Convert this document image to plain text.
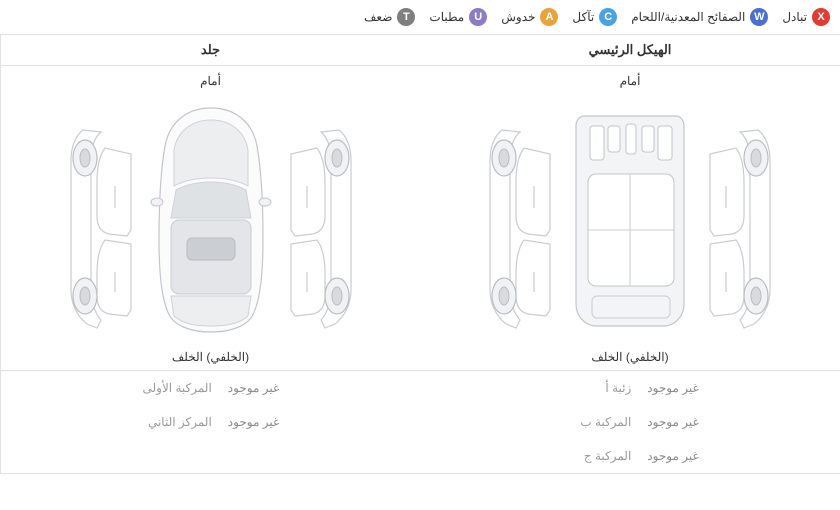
X
تبادل
W
الصفائح المعدنية/اللحام
C
تآكل
A
خدوش
U
مطبات
T
ضعف
الهيكل الرئيسي
أمام
(الخلفي) الخلف
غير موجود
زئبة أ
غير موجود
المركبة ب
غير موجود
المركبة ج
جلد
أمام
(الخلفي) الخلف
غير موجود
المركبة الأولى
غير موجود
المركز الثاني
